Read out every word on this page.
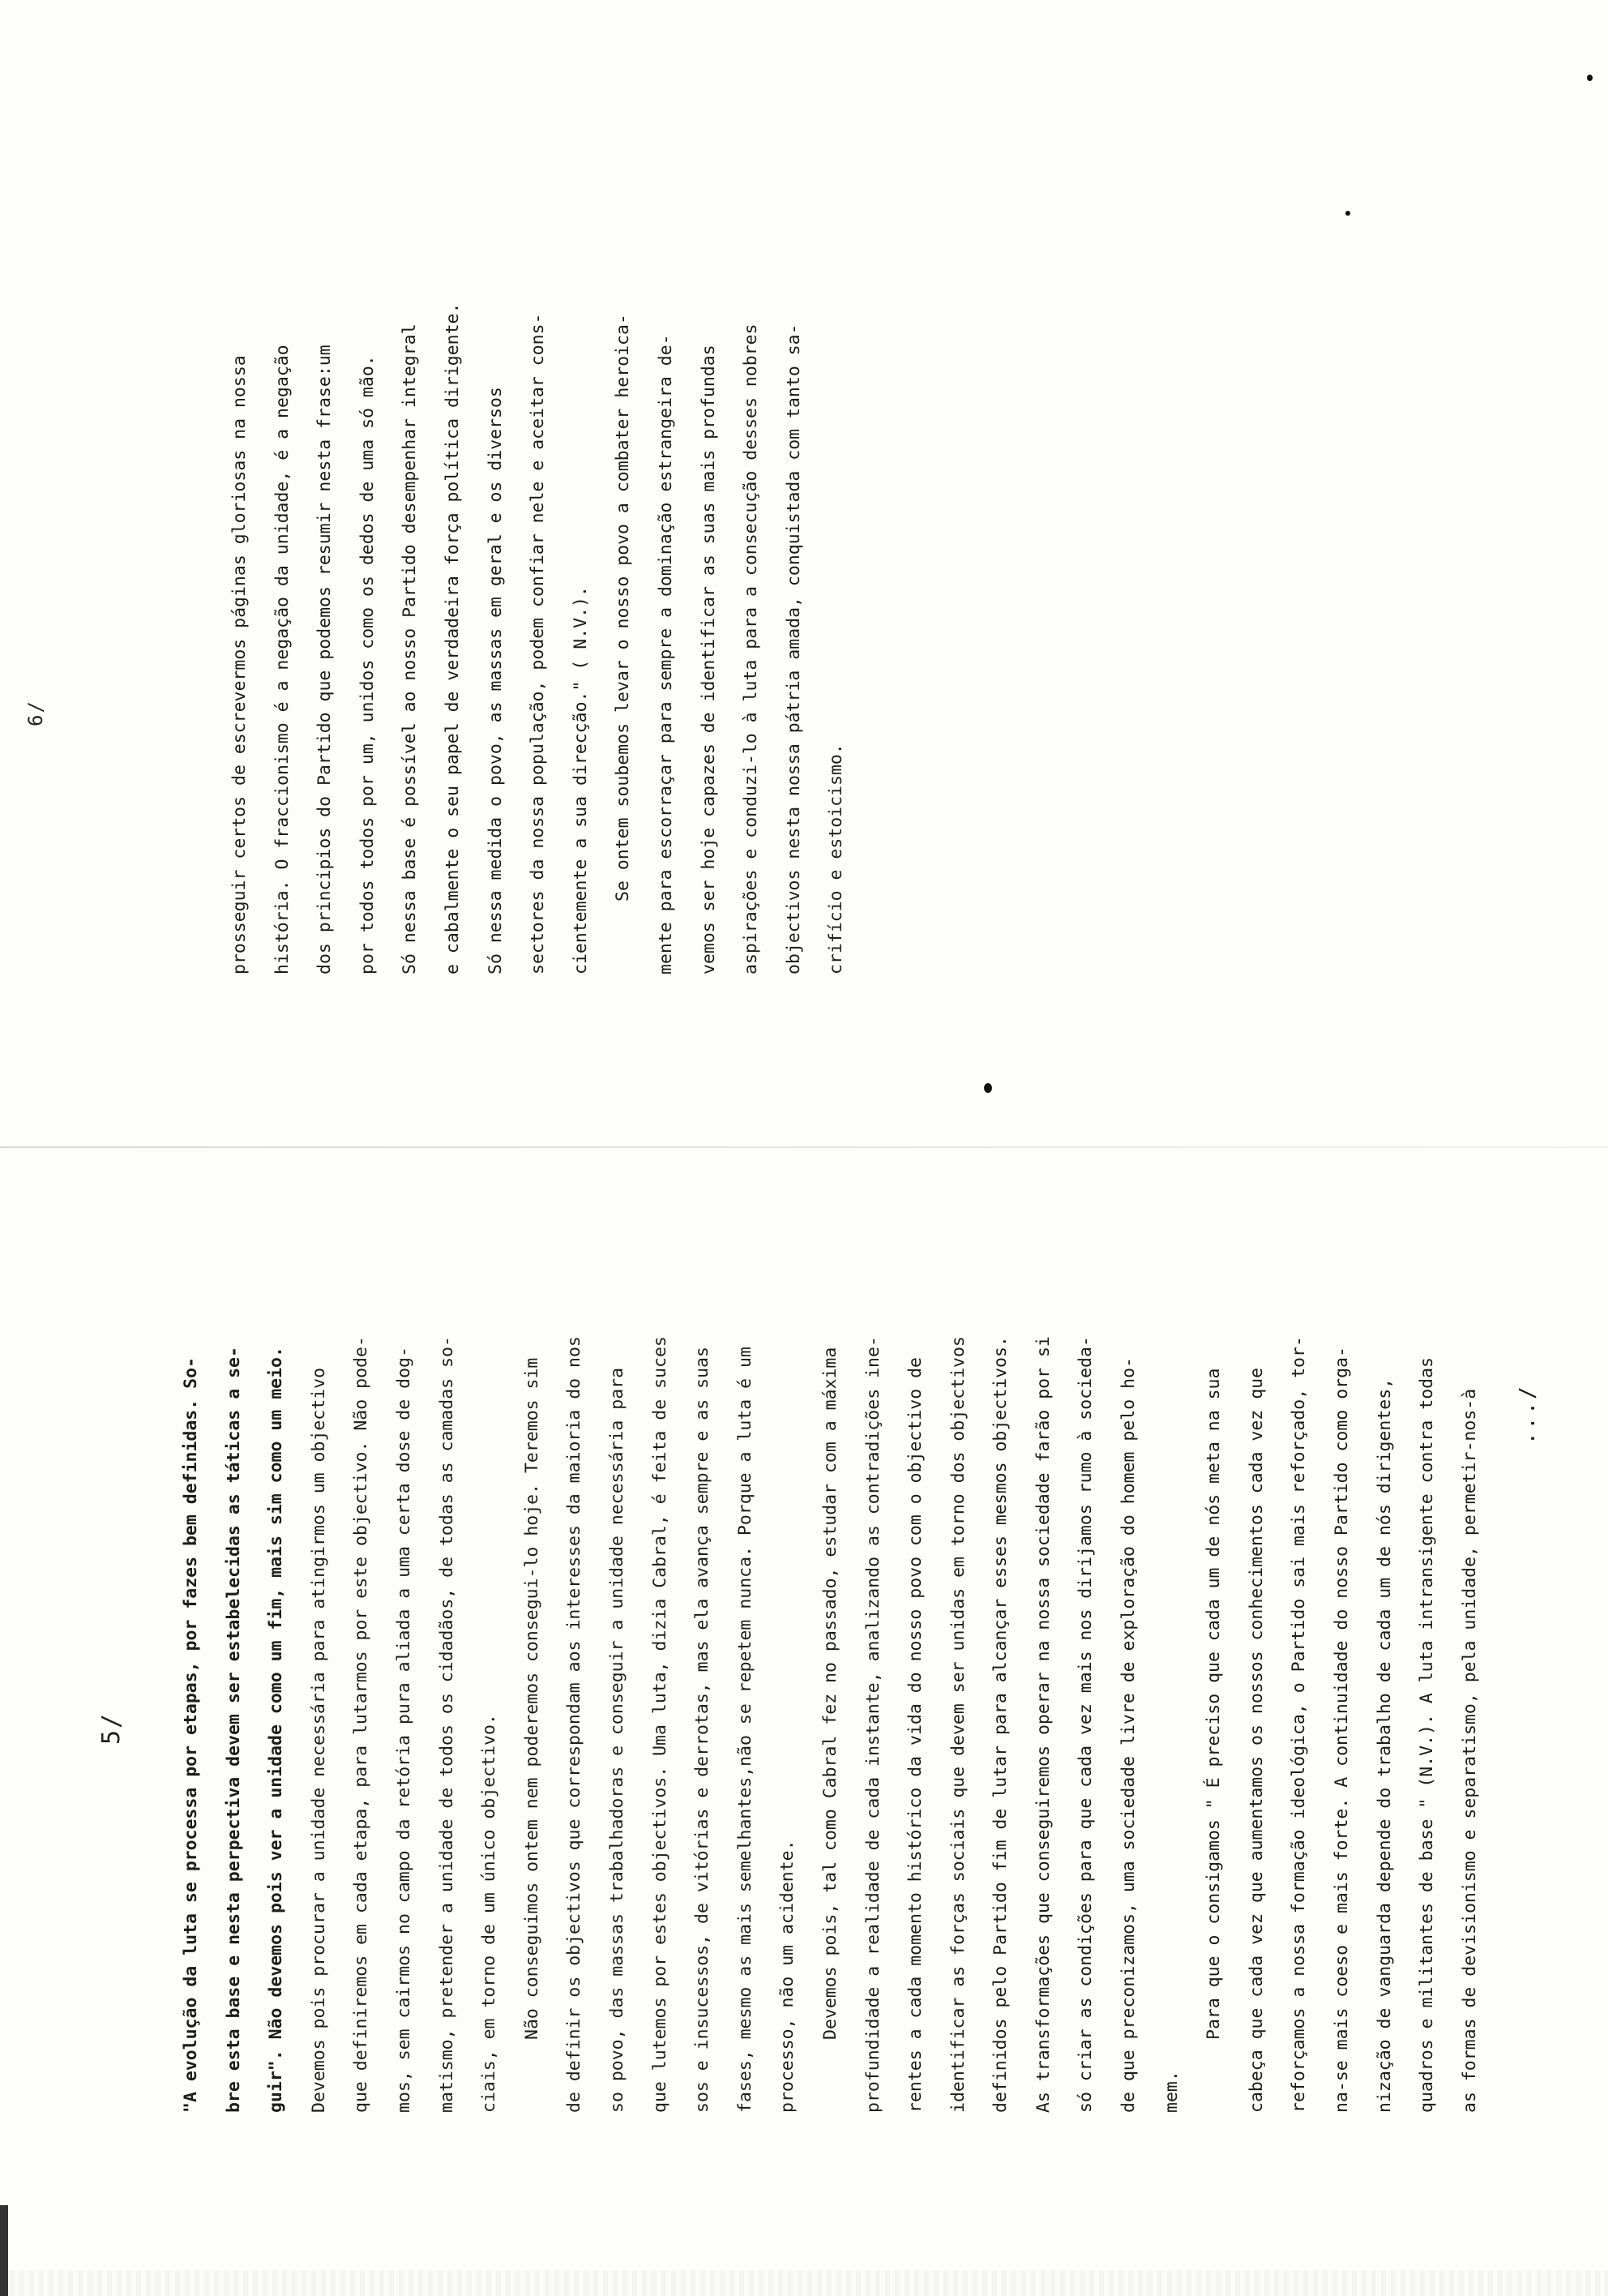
5/	"A evolução da luta se processa por etapas, por fazes bem definidas. So-	bre esta base e nesta perpectiva devem ser estabelecidas as táticas a se-	guir". Não devemos pois ver a unidade como um fim, mais sim como um meio.	Devemos pois procurar a unidade necessária para atingirmos um objectivo	que definiremos em cada etapa, para lutarmos por este objectivo. Não pode-	mos, sem cairmos no campo da retória pura aliada a uma certa dose de dog-	matismo, pretender a unidade de todos os cidadãos, de todas as camadas so-	ciais, em torno de um único objectivo.	Não conseguimos ontem nem poderemos consegui-lo hoje. Teremos sim	de definir os objectivos que correspondam aos interesses da maioria do nos	so povo, das massas trabalhadoras e conseguir a unidade necessária para	que lutemos por estes objectivos. Uma luta, dizia Cabral, é feita de suces	sos e insucessos, de vitórias e derrotas, mas ela avança sempre e as suas	fases, mesmo as mais semelhantes,não se repetem nunca. Porque a luta é um	processo, não um acidente.	Devemos pois, tal como Cabral fez no passado, estudar com a máxima	profundidade a realidade de cada instante, analizando as contradições ine-	rentes a cada momento histórico da vida do nosso povo com o objectivo de	identificar as forças sociais que devem ser unidas em torno dos objectivos	definidos pelo Partido fim de lutar para alcançar esses mesmos objectivos.	As transformações que conseguiremos operar na nossa sociedade farão por si	só criar as condições para que cada vez mais nos dirijamos rumo à socieda-	de que preconizamos, uma sociedade livre de exploração do homem pelo ho-	mem.
Para que o consigamos " É preciso que cada um de nós meta na sua	cabeça que cada vez que aumentamos os nossos conhecimentos cada vez que	reforçamos a nossa formação ideológica, o Partido sai mais reforçado, tor-	na-se mais coeso e mais forte. A continuidade do nosso Partido como orga-	nização de vanguarda depende do trabalho de cada um de nós dirigentes,	quadros e militantes de base " (N.V.). A luta intransigente contra todas	as formas de devisionismo e separatismo, pela unidade, permetir-nos-à	.../
6/	prosseguir certos de escrevermos páginas gloriosas na nossa	história. O fraccionismo é a negação da unidade, é a negação	dos principios do Partido que podemos resumir nesta frase:um	por todos todos por um, unidos como os dedos de uma só mão.	Só nessa base é possível ao nosso Partido desempenhar integral	e cabalmente o seu papel de verdadeira força política dirigente.	Só nessa medida o povo, as massas em geral e os diversos	sectores da nossa população, podem confiar nele e aceitar cons-	cientemente a sua direcção." ( N.V.).	Se ontem soubemos levar o nosso povo a combater heroica-	mente para escorraçar para sempre a dominação estrangeira de-	vemos ser hoje capazes de identificar as suas mais profundas	aspirações e conduzi-lo à luta para a consecução desses nobres	objectivos nesta nossa pátria amada, conquistada com tanto sa-	crifício e estoicismo.
